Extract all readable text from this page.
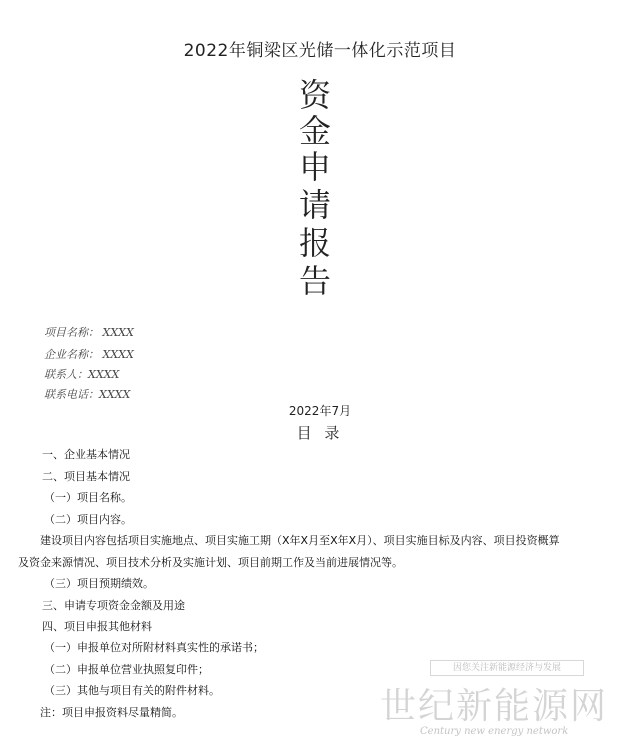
2022年铜梁区光储一体化示范项目
资
金
申
请
报
告
项目名称： XXXX
企业名称： XXXX
联系人：XXXX
联系电话：XXXX
2022年7月
目 录
一、企业基本情况
二、项目基本情况
（一）项目名称。
（二）项目内容。
建设项目内容包括项目实施地点、项目实施工期（X年X月至X年X月）、项目实施目标及内容、项目投资概算
及资金来源情况、项目技术分析及实施计划、项目前期工作及当前进展情况等。
（三）项目预期绩效。
三、申请专项资金金额及用途
四、项目申报其他材料
（一）申报单位对所附材料真实性的承诺书；
（二）申报单位营业执照复印件；
（三）其他与项目有关的附件材料。
注：项目申报资料尽量精简。
因您关注新能源经济与发展
世纪新能源网
Century new energy network
